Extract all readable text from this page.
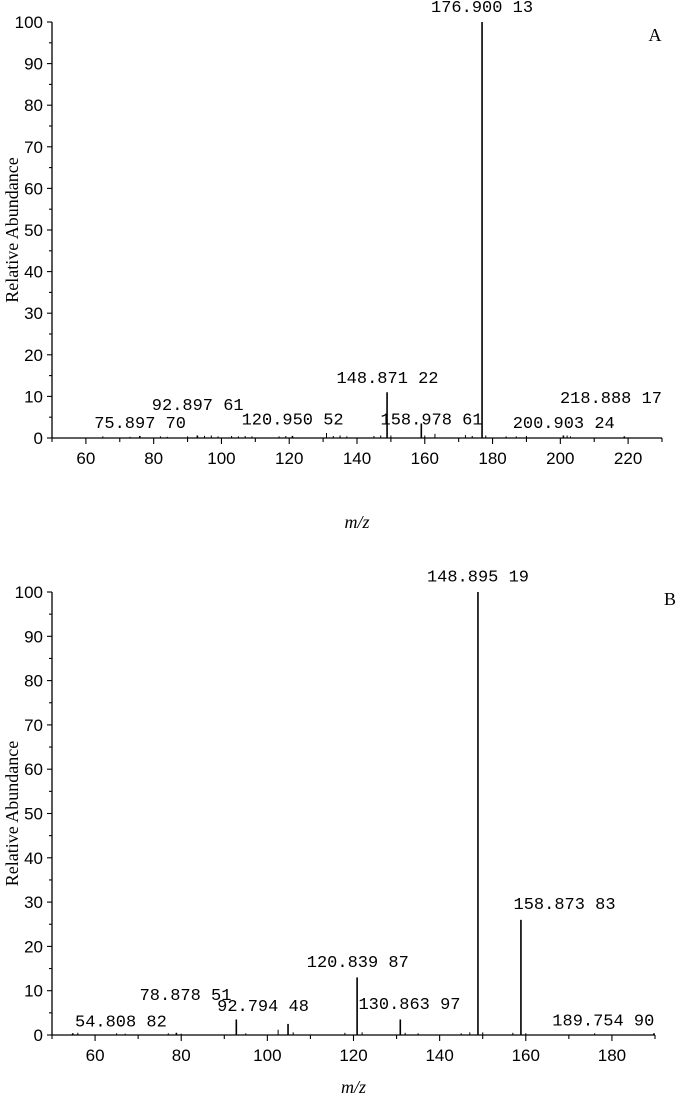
0
10
20
30
40
50
60
70
80
90
100
60	80	100 120 140 160 180 200 220
75.897 70
92.897 61
120.950 52
148.871 22
158.978 61
176.900 13
200.903 24
218.888 17
m/z
Relative Abundance
A
0
10
20
30
40
50
60
70
80
90
100
60	80	100	120	140	160	180
54.808 82
78.878 51
92.794 48
120.839 87
130.863 97
148.895 19
158.873 83
189.754 90
m/z
Relative Abundance
B
